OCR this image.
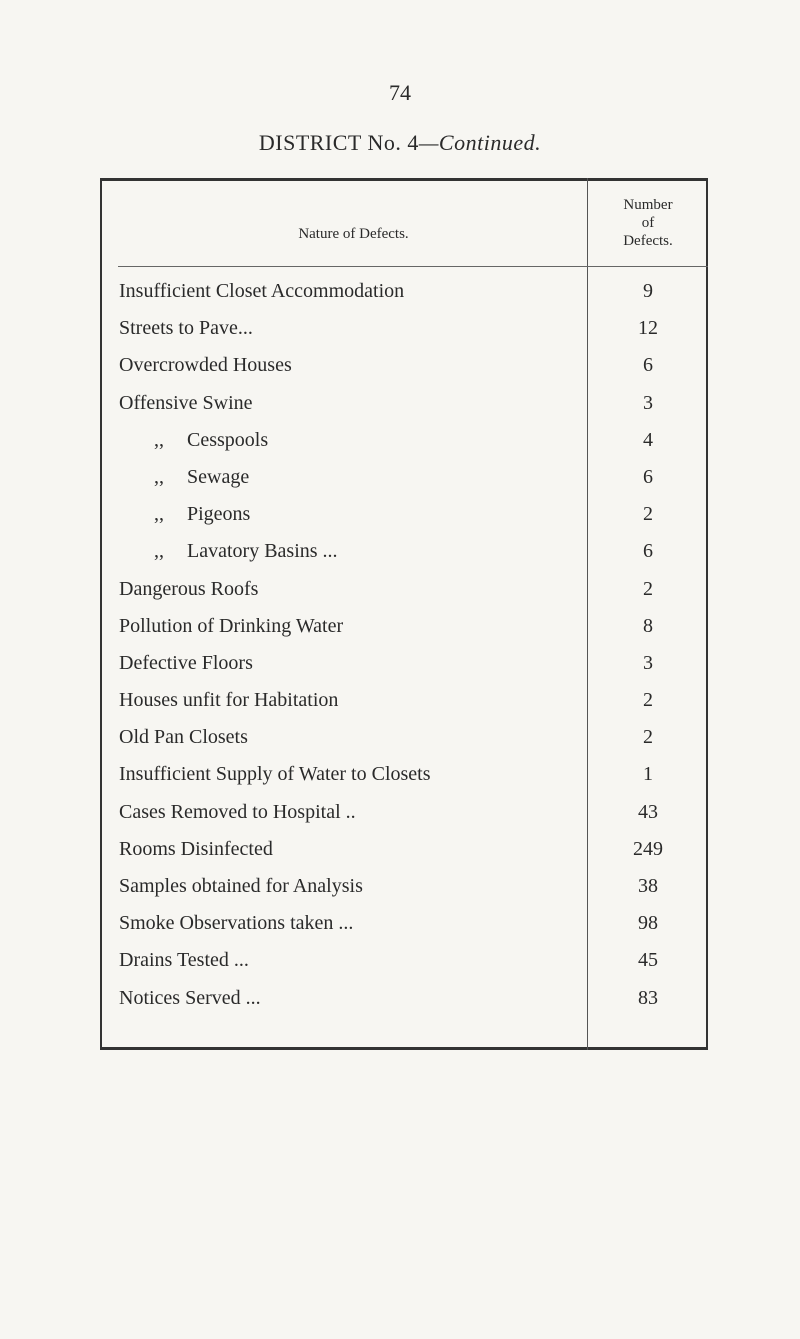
74
DISTRICT No. 4—Continued.
Nature of Defects.
Number
of
Defects.
Insufficient Closet Accommodation	9
Streets to Pave...	12
Overcrowded Houses	6
Offensive Swine	3
,, Cesspools	4
,, Sewage	6
,, Pigeons	2
,, Lavatory Basins ...	6
Dangerous Roofs	2
Pollution of Drinking Water	8
Defective Floors	3
Houses unfit for Habitation	2
Old Pan Closets	2
Insufficient Supply of Water to Closets	1
Cases Removed to Hospital ..	43
Rooms Disinfected	249
Samples obtained for Analysis	38
Smoke Observations taken ...	98
Drains Tested ...	45
Notices Served ...	83
